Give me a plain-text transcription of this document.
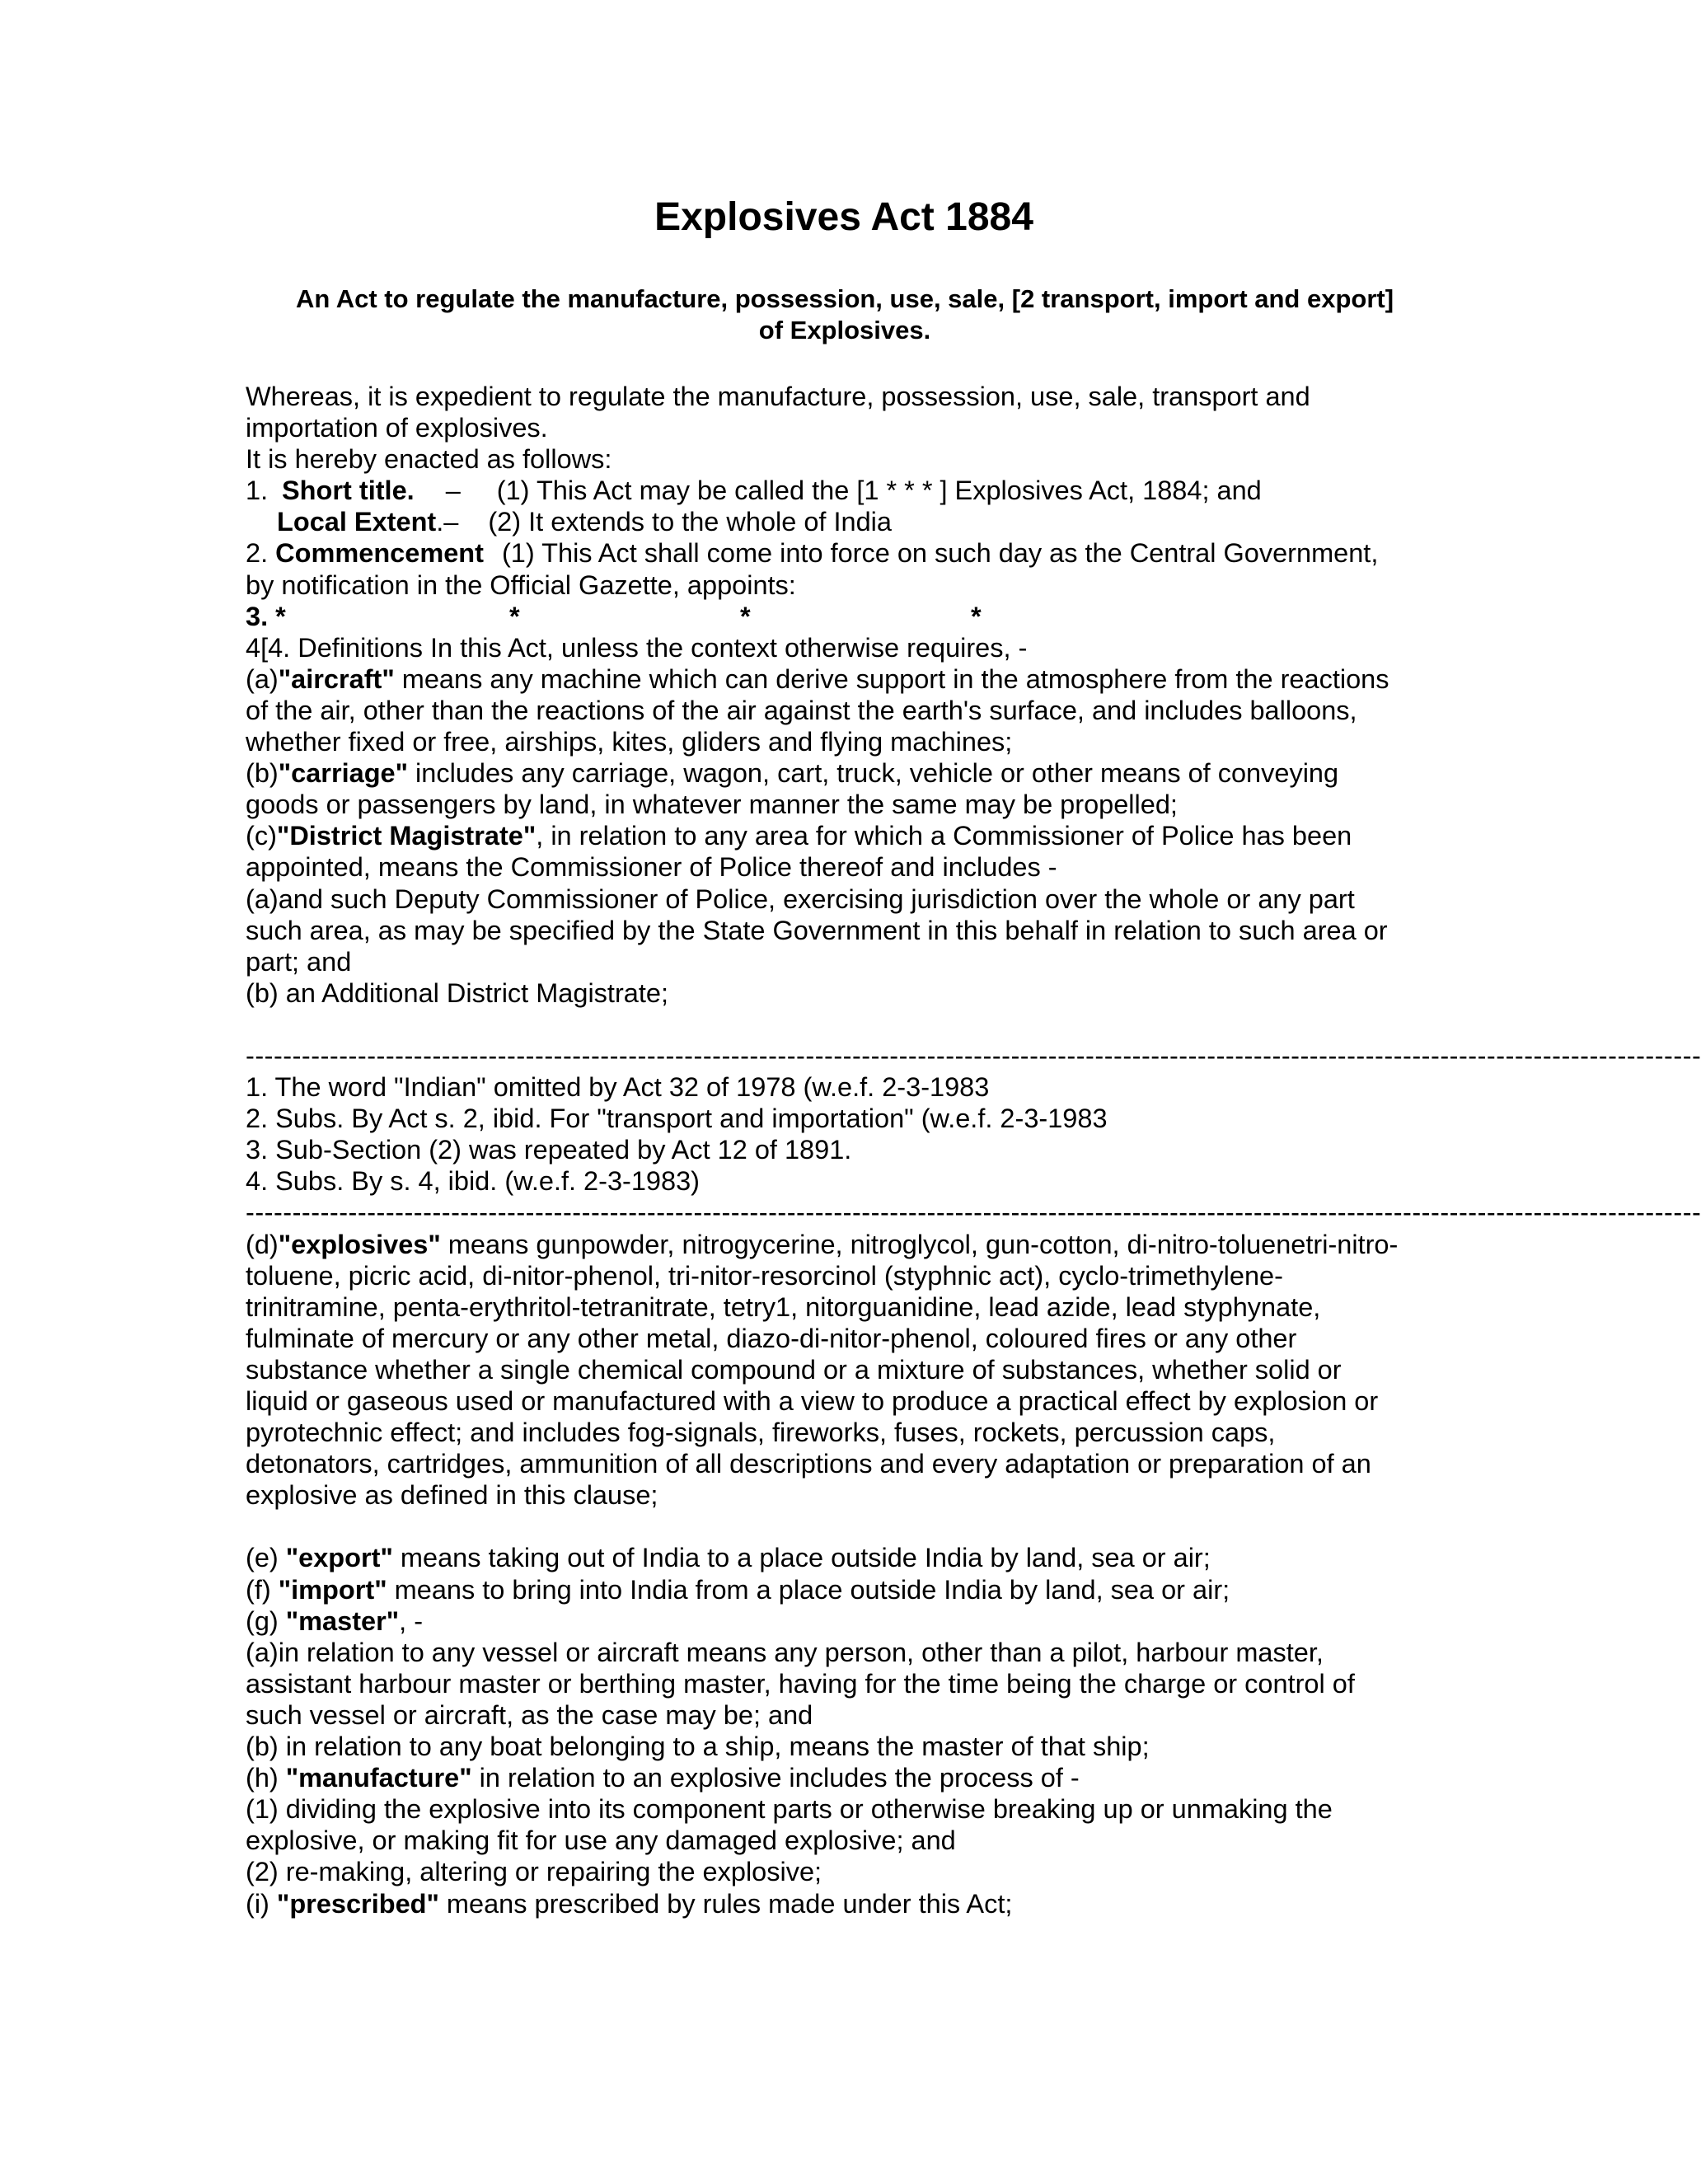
Explosives Act 1884
An Act to regulate the manufacture, possession, use, sale, [2 transport, import and export]
of Explosives.
Whereas, it is expedient to regulate the manufacture, possession, use, sale, transport and
importation of explosives.
It is hereby enacted as follows:
1. Short title. – (1) This Act may be called the [1 * * * ] Explosives Act, 1884; and
Local Extent.– (2) It extends to the whole of India
2. Commencement (1) This Act shall come into force on such day as the Central Government,
by notification in the Official Gazette, appoints:
3. *	*	*	*
4[4. Definitions In this Act, unless the context otherwise requires, -
(a)"aircraft" means any machine which can derive support in the atmosphere from the reactions
of the air, other than the reactions of the air against the earth's surface, and includes balloons,
whether fixed or free, airships, kites, gliders and flying machines;
(b)"carriage" includes any carriage, wagon, cart, truck, vehicle or other means of conveying
goods or passengers by land, in whatever manner the same may be propelled;
(c)"District Magistrate", in relation to any area for which a Commissioner of Police has been
appointed, means the Commissioner of Police thereof and includes -
(a)and such Deputy Commissioner of Police, exercising jurisdiction over the whole or any part
such area, as may be specified by the State Government in this behalf in relation to such area or
part; and
(b) an Additional District Magistrate;
------------------------------------------------------------------------------------------------------------------------------------------------------------
1. The word "Indian" omitted by Act 32 of 1978 (w.e.f. 2-3-1983
2. Subs. By Act s. 2, ibid. For "transport and importation" (w.e.f. 2-3-1983
3. Sub-Section (2) was repeated by Act 12 of 1891.
4. Subs. By s. 4, ibid. (w.e.f. 2-3-1983)
------------------------------------------------------------------------------------------------------------------------------------------------------------
(d)"explosives" means gunpowder, nitrogycerine, nitroglycol, gun-cotton, di-nitro-toluenetri-nitro-
toluene, picric acid, di-nitor-phenol, tri-nitor-resorcinol (styphnic act), cyclo-trimethylene-
trinitramine, penta-erythritol-tetranitrate, tetry1, nitorguanidine, lead azide, lead styphynate,
fulminate of mercury or any other metal, diazo-di-nitor-phenol, coloured fires or any other
substance whether a single chemical compound or a mixture of substances, whether solid or
liquid or gaseous used or manufactured with a view to produce a practical effect by explosion or
pyrotechnic effect; and includes fog-signals, fireworks, fuses, rockets, percussion caps,
detonators, cartridges, ammunition of all descriptions and every adaptation or preparation of an
explosive as defined in this clause;
(e) "export" means taking out of India to a place outside India by land, sea or air;
(f) "import" means to bring into India from a place outside India by land, sea or air;
(g) "master", -
(a)in relation to any vessel or aircraft means any person, other than a pilot, harbour master,
assistant harbour master or berthing master, having for the time being the charge or control of
such vessel or aircraft, as the case may be; and
(b) in relation to any boat belonging to a ship, means the master of that ship;
(h) "manufacture" in relation to an explosive includes the process of -
(1) dividing the explosive into its component parts or otherwise breaking up or unmaking the
explosive, or making fit for use any damaged explosive; and
(2) re-making, altering or repairing the explosive;
(i) "prescribed" means prescribed by rules made under this Act;
